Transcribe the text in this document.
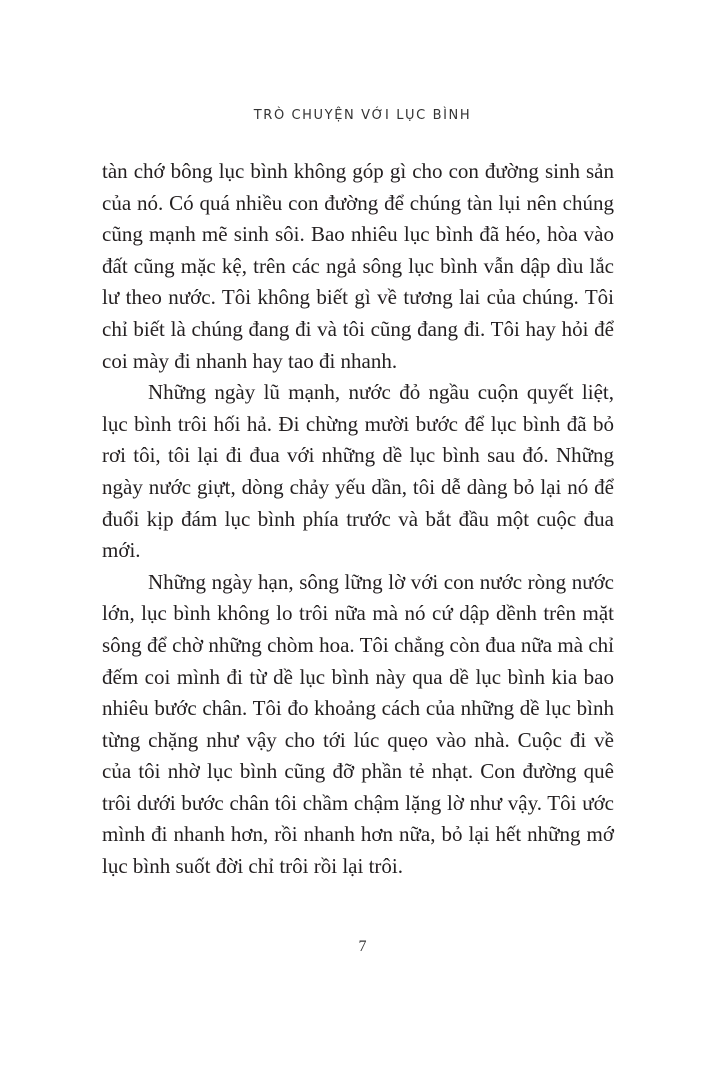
TRÒ CHUYỆN VỚI LỤC BÌNH

tàn chớ bông lục bình không góp gì cho con đường sinh sản của nó. Có quá nhiều con đường để chúng tàn lụi nên chúng cũng mạnh mẽ sinh sôi. Bao nhiêu lục bình đã héo, hòa vào đất cũng mặc kệ, trên các ngả sông lục bình vẫn dập dìu lắc lư theo nước. Tôi không biết gì về tương lai của chúng. Tôi chỉ biết là chúng đang đi và tôi cũng đang đi. Tôi hay hỏi để coi mày đi nhanh hay tao đi nhanh.

Những ngày lũ mạnh, nước đỏ ngầu cuộn quyết liệt, lục bình trôi hối hả. Đi chừng mười bước để lục bình đã bỏ rơi tôi, tôi lại đi đua với những dề lục bình sau đó. Những ngày nước giựt, dòng chảy yếu dần, tôi dễ dàng bỏ lại nó để đuổi kịp đám lục bình phía trước và bắt đầu một cuộc đua mới.

Những ngày hạn, sông lững lờ với con nước ròng nước lớn, lục bình không lo trôi nữa mà nó cứ dập dềnh trên mặt sông để chờ những chòm hoa. Tôi chẳng còn đua nữa mà chỉ đếm coi mình đi từ dề lục bình này qua dề lục bình kia bao nhiêu bước chân. Tôi đo khoảng cách của những dề lục bình từng chặng như vậy cho tới lúc quẹo vào nhà. Cuộc đi về của tôi nhờ lục bình cũng đỡ phần tẻ nhạt. Con đường quê trôi dưới bước chân tôi chầm chậm lặng lờ như vậy. Tôi ước mình đi nhanh hơn, rồi nhanh hơn nữa, bỏ lại hết những mớ lục bình suốt đời chỉ trôi rồi lại trôi.

7
